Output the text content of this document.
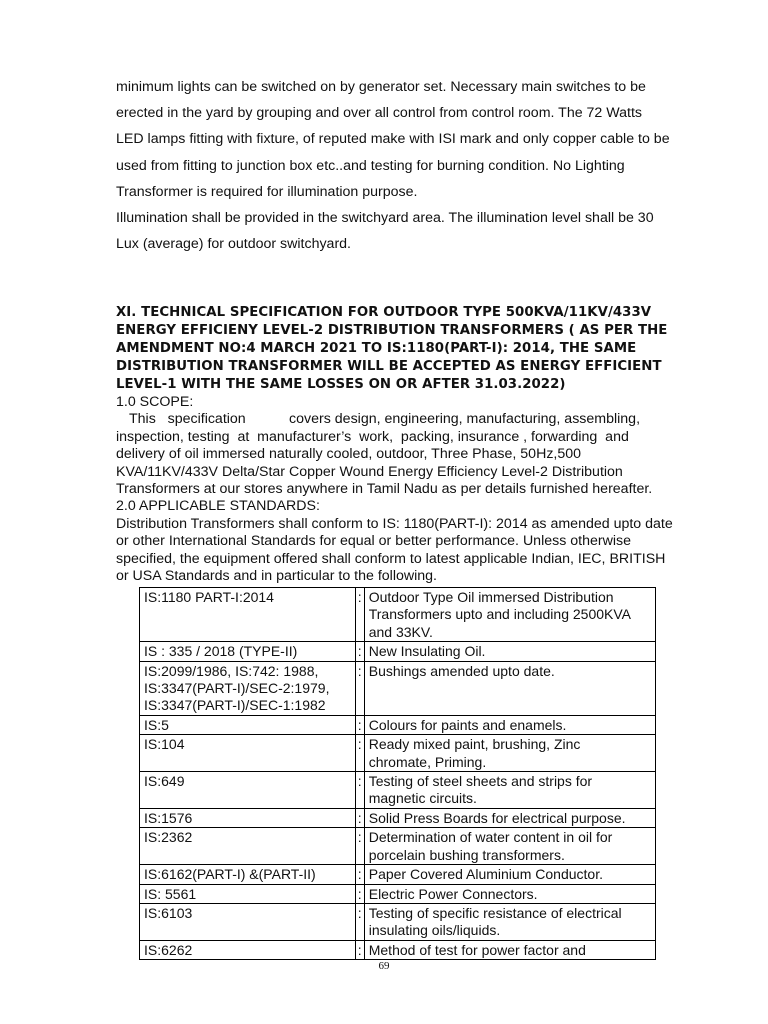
minimum lights can be switched on by generator set. Necessary main switches to be
erected in the yard by grouping and over all control from control room. The 72 Watts
LED lamps fitting with fixture, of reputed make with ISI mark and only copper cable to be
used from fitting to junction box etc..and testing for burning condition. No Lighting
Transformer is required for illumination purpose.
Illumination shall be provided in the switchyard area. The illumination level shall be 30
Lux (average) for outdoor switchyard.
XI. TECHNICAL SPECIFICATION FOR OUTDOOR TYPE 500KVA/11KV/433V
ENERGY EFFICIENY LEVEL-2 DISTRIBUTION TRANSFORMERS ( AS PER THE
AMENDMENT NO:4 MARCH 2021 TO IS:1180(PART-I): 2014, THE SAME
DISTRIBUTION TRANSFORMER WILL BE ACCEPTED AS ENERGY EFFICIENT
LEVEL-1 WITH THE SAME LOSSES ON OR AFTER 31.03.2022)

1.0 SCOPE:

This   specification           covers design, engineering, manufacturing, assembling,

inspection, testing  at  manufacturer’s  work,  packing, insurance , forwarding  and

delivery of oil immersed naturally cooled, outdoor, Three Phase, 50Hz,500

KVA/11KV/433V Delta/Star Copper Wound Energy Efficiency Level-2 Distribution

Transformers at our stores anywhere in Tamil Nadu as per details furnished hereafter.

2.0 APPLICABLE STANDARDS:

Distribution Transformers shall conform to IS: 1180(PART-I): 2014 as amended upto date

or other International Standards for equal or better performance. Unless otherwise

specified, the equipment offered shall conform to latest applicable Indian, IEC, BRITISH

or USA Standards and in particular to the following.

IS:1180 PART-I:2014	:	Outdoor Type Oil immersed Distribution
Transformers upto and including 2500KVA
and 33KV.

IS : 335 / 2018 (TYPE-II)	:	New Insulating Oil.

IS:2099/1986, IS:742: 1988,
IS:3347(PART-I)/SEC-2:1979,
IS:3347(PART-I)/SEC-1:1982	:	Bushings amended upto date.

IS:5	:	Colours for paints and enamels.

IS:104	:	Ready mixed paint, brushing, Zinc
chromate, Priming.

IS:649	:	Testing of steel sheets and strips for
magnetic circuits.

IS:1576	:	Solid Press Boards for electrical purpose.

IS:2362	:	Determination of water content in oil for
porcelain bushing transformers.

IS:6162(PART-I) &(PART-II)	:	Paper Covered Aluminium Conductor.

IS: 5561	:	Electric Power Connectors.

IS:6103	:	Testing of specific resistance of electrical
insulating oils/liquids.

IS:6262	:	Method of test for power factor and
69
